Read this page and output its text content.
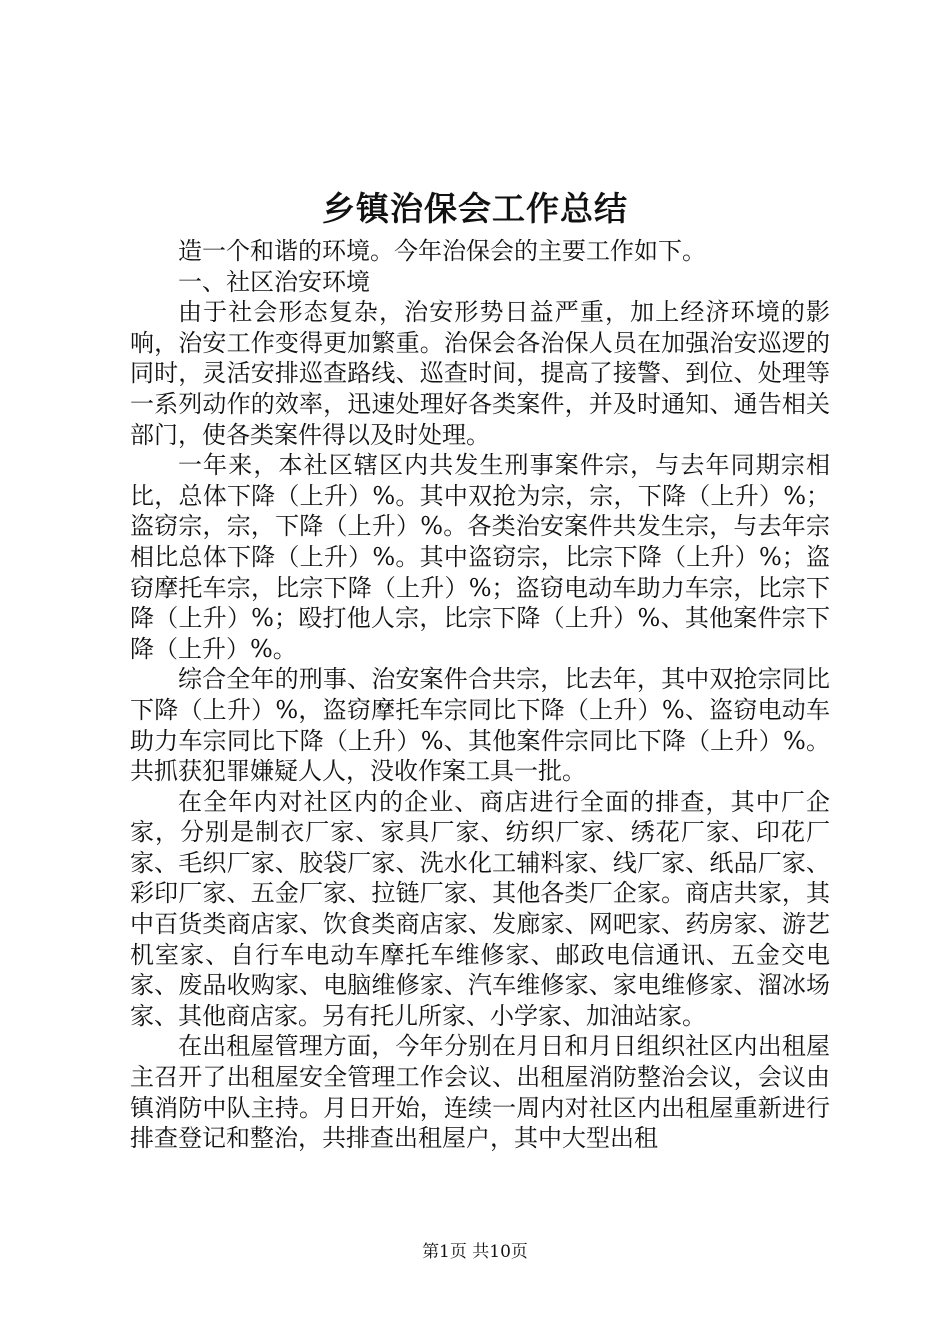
乡镇治保会工作总结

造一个和谐的环境。今年治保会的主要工作如下。

一、社区治安环境

由于社会形态复杂，治安形势日益严重，加上经济环境的影响，治安工作变得更加繁重。治保会各治保人员在加强治安巡逻的同时，灵活安排巡查路线、巡查时间，提高了接警、到位、处理等一系列动作的效率，迅速处理好各类案件，并及时通知、通告相关部门，使各类案件得以及时处理。

一年来，本社区辖区内共发生刑事案件宗，与去年同期宗相比，总体下降（上升）%。其中双抢为宗，宗，下降（上升）%；盗窃宗，宗，下降（上升）%。各类治安案件共发生宗，与去年宗相比总体下降（上升）%。其中盗窃宗，比宗下降（上升）%；盗窃摩托车宗，比宗下降（上升）%；盗窃电动车助力车宗，比宗下降（上升）%；殴打他人宗，比宗下降（上升）%、其他案件宗下降（上升）%。

综合全年的刑事、治安案件合共宗，比去年，其中双抢宗同比下降（上升）%，盗窃摩托车宗同比下降（上升）%、盗窃电动车助力车宗同比下降（上升）%、其他案件宗同比下降（上升）%。共抓获犯罪嫌疑人人，没收作案工具一批。

在全年内对社区内的企业、商店进行全面的排查，其中厂企家，分别是制衣厂家、家具厂家、纺织厂家、绣花厂家、印花厂家、毛织厂家、胶袋厂家、洗水化工辅料家、线厂家、纸品厂家、彩印厂家、五金厂家、拉链厂家、其他各类厂企家。商店共家，其中百货类商店家、饮食类商店家、发廊家、网吧家、药房家、游艺机室家、自行车电动车摩托车维修家、邮政电信通讯、五金交电家、废品收购家、电脑维修家、汽车维修家、家电维修家、溜冰场家、其他商店家。另有托儿所家、小学家、加油站家。

在出租屋管理方面，今年分别在月日和月日组织社区内出租屋主召开了出租屋安全管理工作会议、出租屋消防整治会议，会议由镇消防中队主持。月日开始，连续一周内对社区内出租屋重新进行排查登记和整治，共排查出租屋户，其中大型出租

第1页 共10页
